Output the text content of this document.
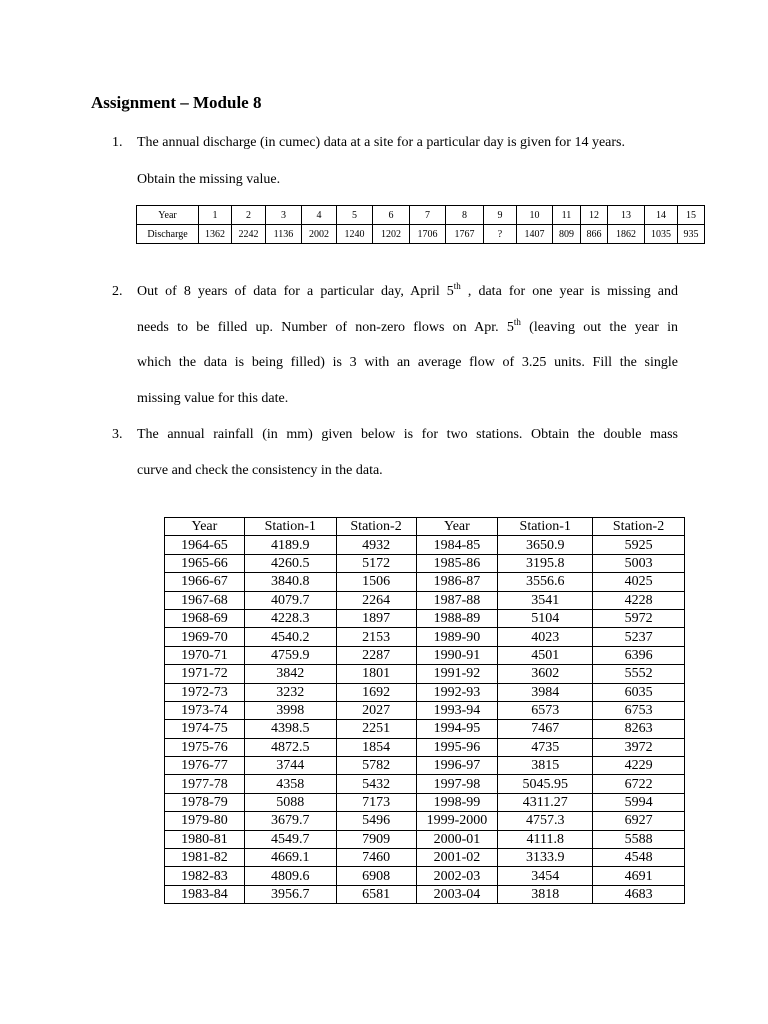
Assignment – Module 8
1. The annual discharge (in cumec) data at a site for a particular day is given for 14 years.
Obtain the missing value.
Year	1	2	3	4	5	6	7	8	9	10	11	12	13	14	15
Discharge	1362	2242	1136	2002	1240	1202	1706	1767	?	1407	809	866	1862	1035	935
2. Out of 8 years of data for a particular day, April 5th , data for one year is missing and
needs to be filled up. Number of non-zero flows on Apr. 5th (leaving out the year in
which the data is being filled) is 3 with an average flow of 3.25 units. Fill the single
missing value for this date.
3. The annual rainfall (in mm) given below is for two stations. Obtain the double mass
curve and check the consistency in the data.
Year	Station-1	Station-2	Year	Station-1	Station-2
1964-65	4189.9	4932	1984-85	3650.9	5925
1965-66	4260.5	5172	1985-86	3195.8	5003
1966-67	3840.8	1506	1986-87	3556.6	4025
1967-68	4079.7	2264	1987-88	3541	4228
1968-69	4228.3	1897	1988-89	5104	5972
1969-70	4540.2	2153	1989-90	4023	5237
1970-71	4759.9	2287	1990-91	4501	6396
1971-72	3842	1801	1991-92	3602	5552
1972-73	3232	1692	1992-93	3984	6035
1973-74	3998	2027	1993-94	6573	6753
1974-75	4398.5	2251	1994-95	7467	8263
1975-76	4872.5	1854	1995-96	4735	3972
1976-77	3744	5782	1996-97	3815	4229
1977-78	4358	5432	1997-98	5045.95	6722
1978-79	5088	7173	1998-99	4311.27	5994
1979-80	3679.7	5496	1999-2000	4757.3	6927
1980-81	4549.7	7909	2000-01	4111.8	5588
1981-82	4669.1	7460	2001-02	3133.9	4548
1982-83	4809.6	6908	2002-03	3454	4691
1983-84	3956.7	6581	2003-04	3818	4683
